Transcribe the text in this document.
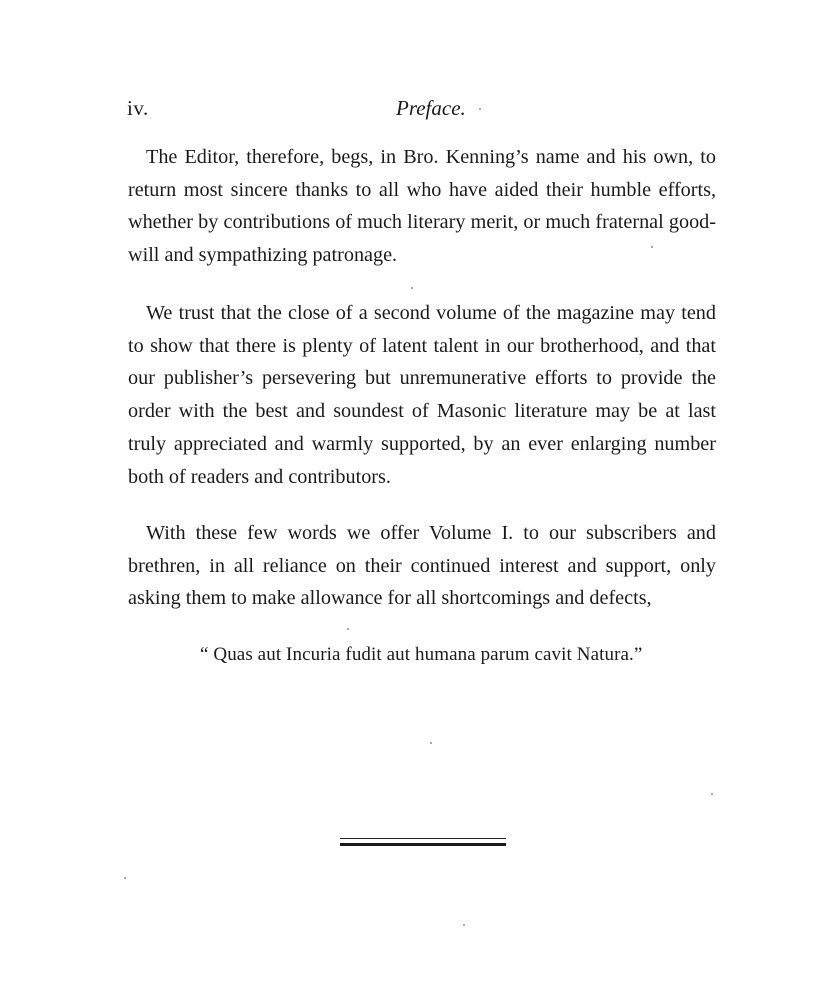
iv.	Preface.

The Editor, therefore, begs, in Bro. Kenning’s name and his own, to return most sincere thanks to all who have aided their humble efforts, whether by contributions of much literary merit, or much fraternal good-will and sympathizing patronage.

We trust that the close of a second volume of the magazine may tend to show that there is plenty of latent talent in our brotherhood, and that our publisher’s persevering but unremunerative efforts to provide the order with the best and soundest of Masonic literature may be at last truly appreciated and warmly supported, by an ever enlarging number both of readers and contributors.

With these few words we offer Volume I. to our subscribers and brethren, in all reliance on their continued interest and support, only asking them to make allowance for all shortcomings and defects,

“ Quas aut Incuria fudit aut humana parum cavit Natura.”
